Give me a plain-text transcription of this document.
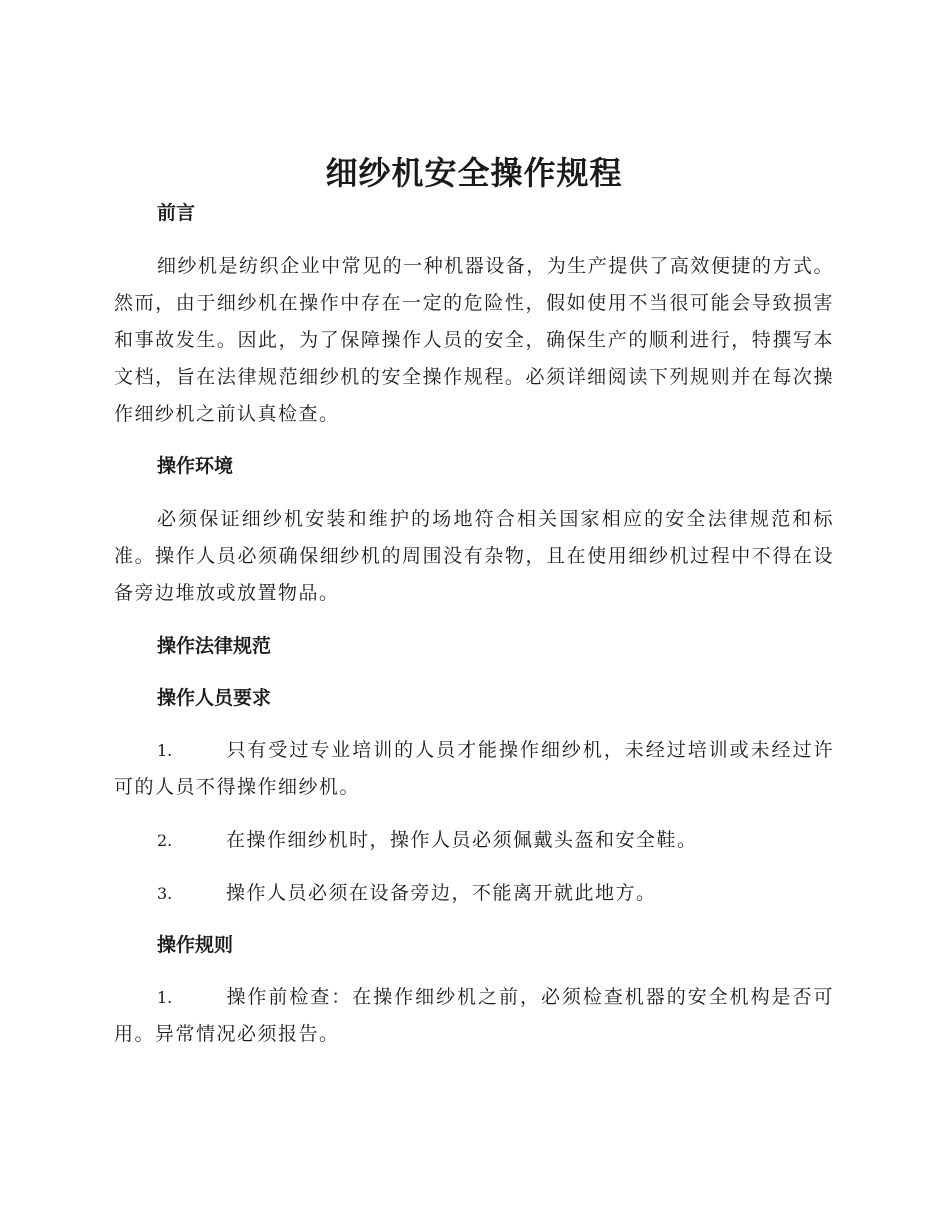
细纱机安全操作规程
前言

细纱机是纺织企业中常见的一种机器设备，为生产提供了高效便捷的方式。然而，由于细纱机在操作中存在一定的危险性，假如使用不当很可能会导致损害和事故发生。因此，为了保障操作人员的安全，确保生产的顺利进行，特撰写本文档，旨在法律规范细纱机的安全操作规程。必须详细阅读下列规则并在每次操作细纱机之前认真检查。

操作环境

必须保证细纱机安装和维护的场地符合相关国家相应的安全法律规范和标准。操作人员必须确保细纱机的周围没有杂物，且在使用细纱机过程中不得在设备旁边堆放或放置物品。

操作法律规范
操作人员要求

1.	只有受过专业培训的人员才能操作细纱机，未经过培训或未经过许可的人员不得操作细纱机。

2.	在操作细纱机时，操作人员必须佩戴头盔和安全鞋。

3.	操作人员必须在设备旁边，不能离开就此地方。

操作规则

1.	操作前检查：在操作细纱机之前，必须检查机器的安全机构是否可用。异常情况必须报告。
